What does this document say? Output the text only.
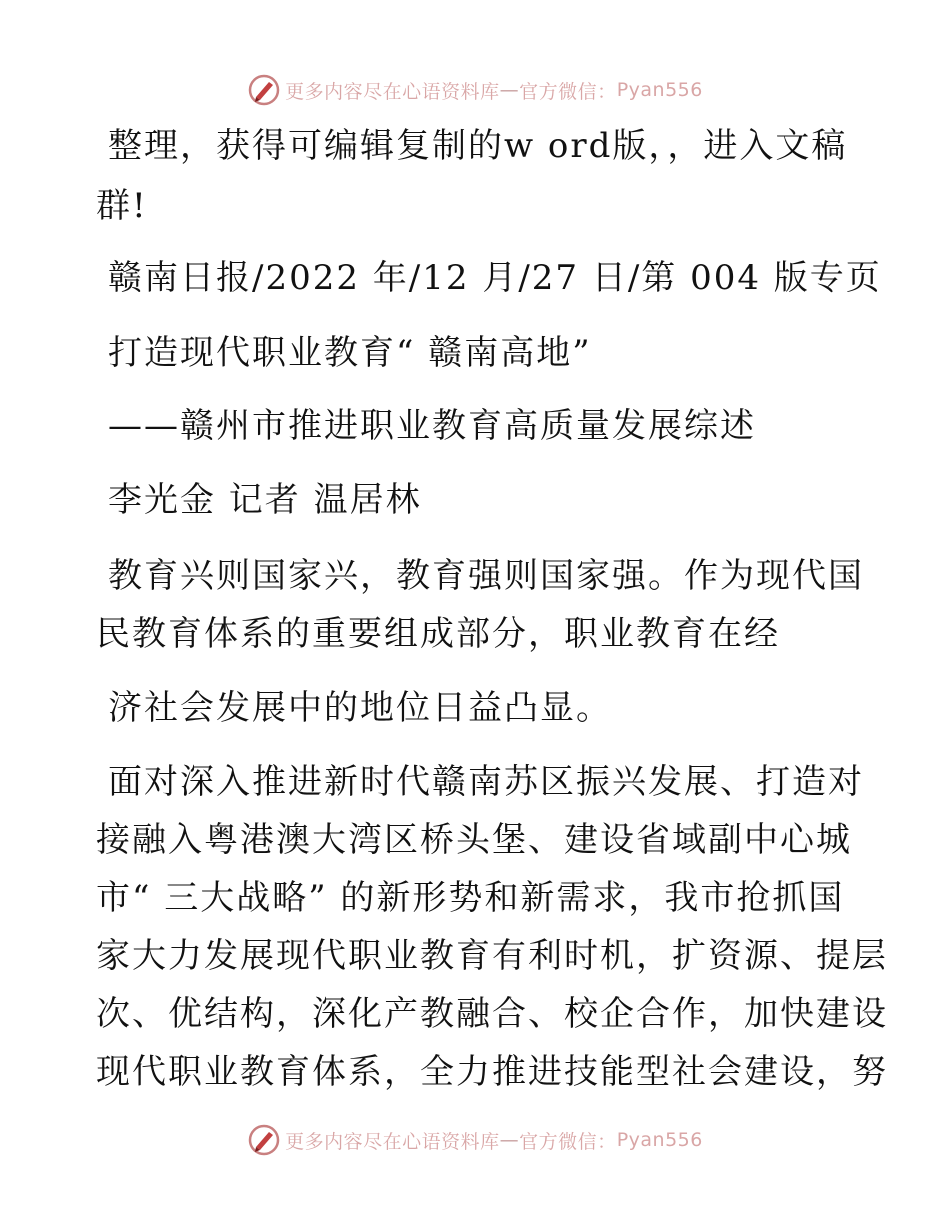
更多内容尽在心语资料库 — 官方微信： Pyan556
整理，获得可编辑复制的w ord版，，进入文稿
群!
赣南日报/2022 年/12 月/27 日/第 004 版专页
打造现代职业教育“ 赣南高地”
——赣州市推进职业教育高质量发展综述
李光金 记者 温居林
教育兴则国家兴，教育强则国家强。作为现代国
民教育体系的重要组成部分，职业教育在经
济社会发展中的地位日益凸显。
面对深入推进新时代赣南苏区振兴发展、打造对
接融入粤港澳大湾区桥头堡、建设省域副中心城
市“ 三大战略” 的新形势和新需求，我市抢抓国
家大力发展现代职业教育有利时机，扩资源、提层
次、优结构，深化产教融合、校企合作，加快建设
现代职业教育体系，全力推进技能型社会建设，努
更多内容尽在心语资料库 — 官方微信： Pyan556
